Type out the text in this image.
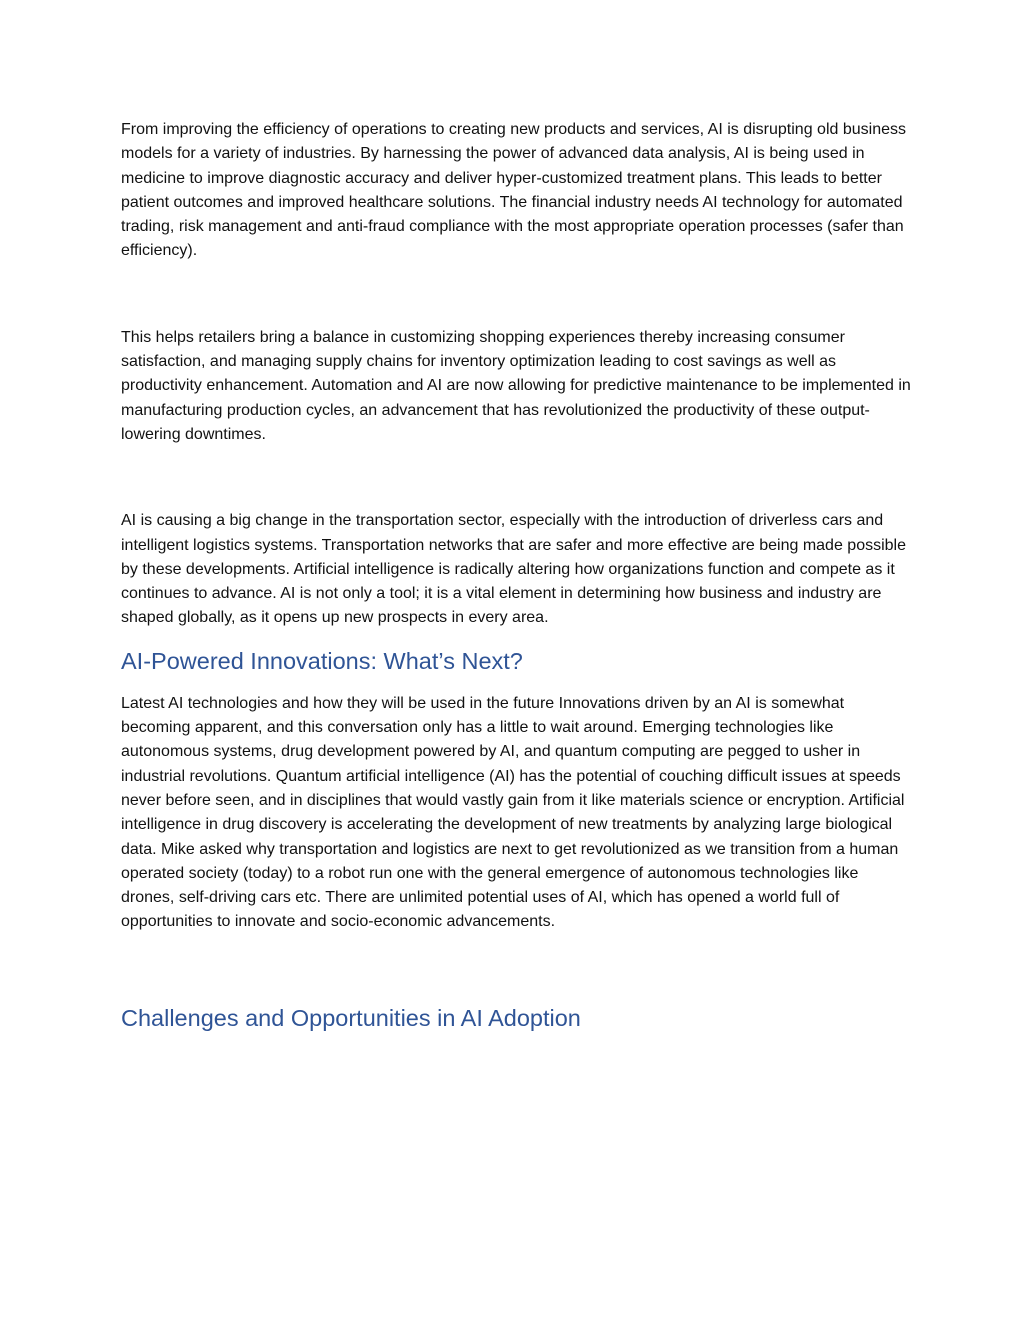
From improving the efficiency of operations to creating new products and services, AI is disrupting old business models for a variety of industries. By harnessing the power of advanced data analysis, AI is being used in medicine to improve diagnostic accuracy and deliver hyper-customized treatment plans. This leads to better patient outcomes and improved healthcare solutions. The financial industry needs AI technology for automated trading, risk management and anti-fraud compliance with the most appropriate operation processes (safer than efficiency).

This helps retailers bring a balance in customizing shopping experiences thereby increasing consumer satisfaction, and managing supply chains for inventory optimization leading to cost savings as well as productivity enhancement. Automation and AI are now allowing for predictive maintenance to be implemented in manufacturing production cycles, an advancement that has revolutionized the productivity of these output-lowering downtimes.

AI is causing a big change in the transportation sector, especially with the introduction of driverless cars and intelligent logistics systems. Transportation networks that are safer and more effective are being made possible by these developments. Artificial intelligence is radically altering how organizations function and compete as it continues to advance. AI is not only a tool; it is a vital element in determining how business and industry are shaped globally, as it opens up new prospects in every area.

AI-Powered Innovations: What’s Next?

Latest AI technologies and how they will be used in the future Innovations driven by an AI is somewhat becoming apparent, and this conversation only has a little to wait around. Emerging technologies like autonomous systems, drug development powered by AI, and quantum computing are pegged to usher in industrial revolutions. Quantum artificial intelligence (AI) has the potential of couching difficult issues at speeds never before seen, and in disciplines that would vastly gain from it like materials science or encryption. Artificial intelligence in drug discovery is accelerating the development of new treatments by analyzing large biological data. Mike asked why transportation and logistics are next to get revolutionized as we transition from a human operated society (today) to a robot run one with the general emergence of autonomous technologies like drones, self-driving cars etc. There are unlimited potential uses of AI, which has opened a world full of opportunities to innovate and socio-economic advancements.

Challenges and Opportunities in AI Adoption
